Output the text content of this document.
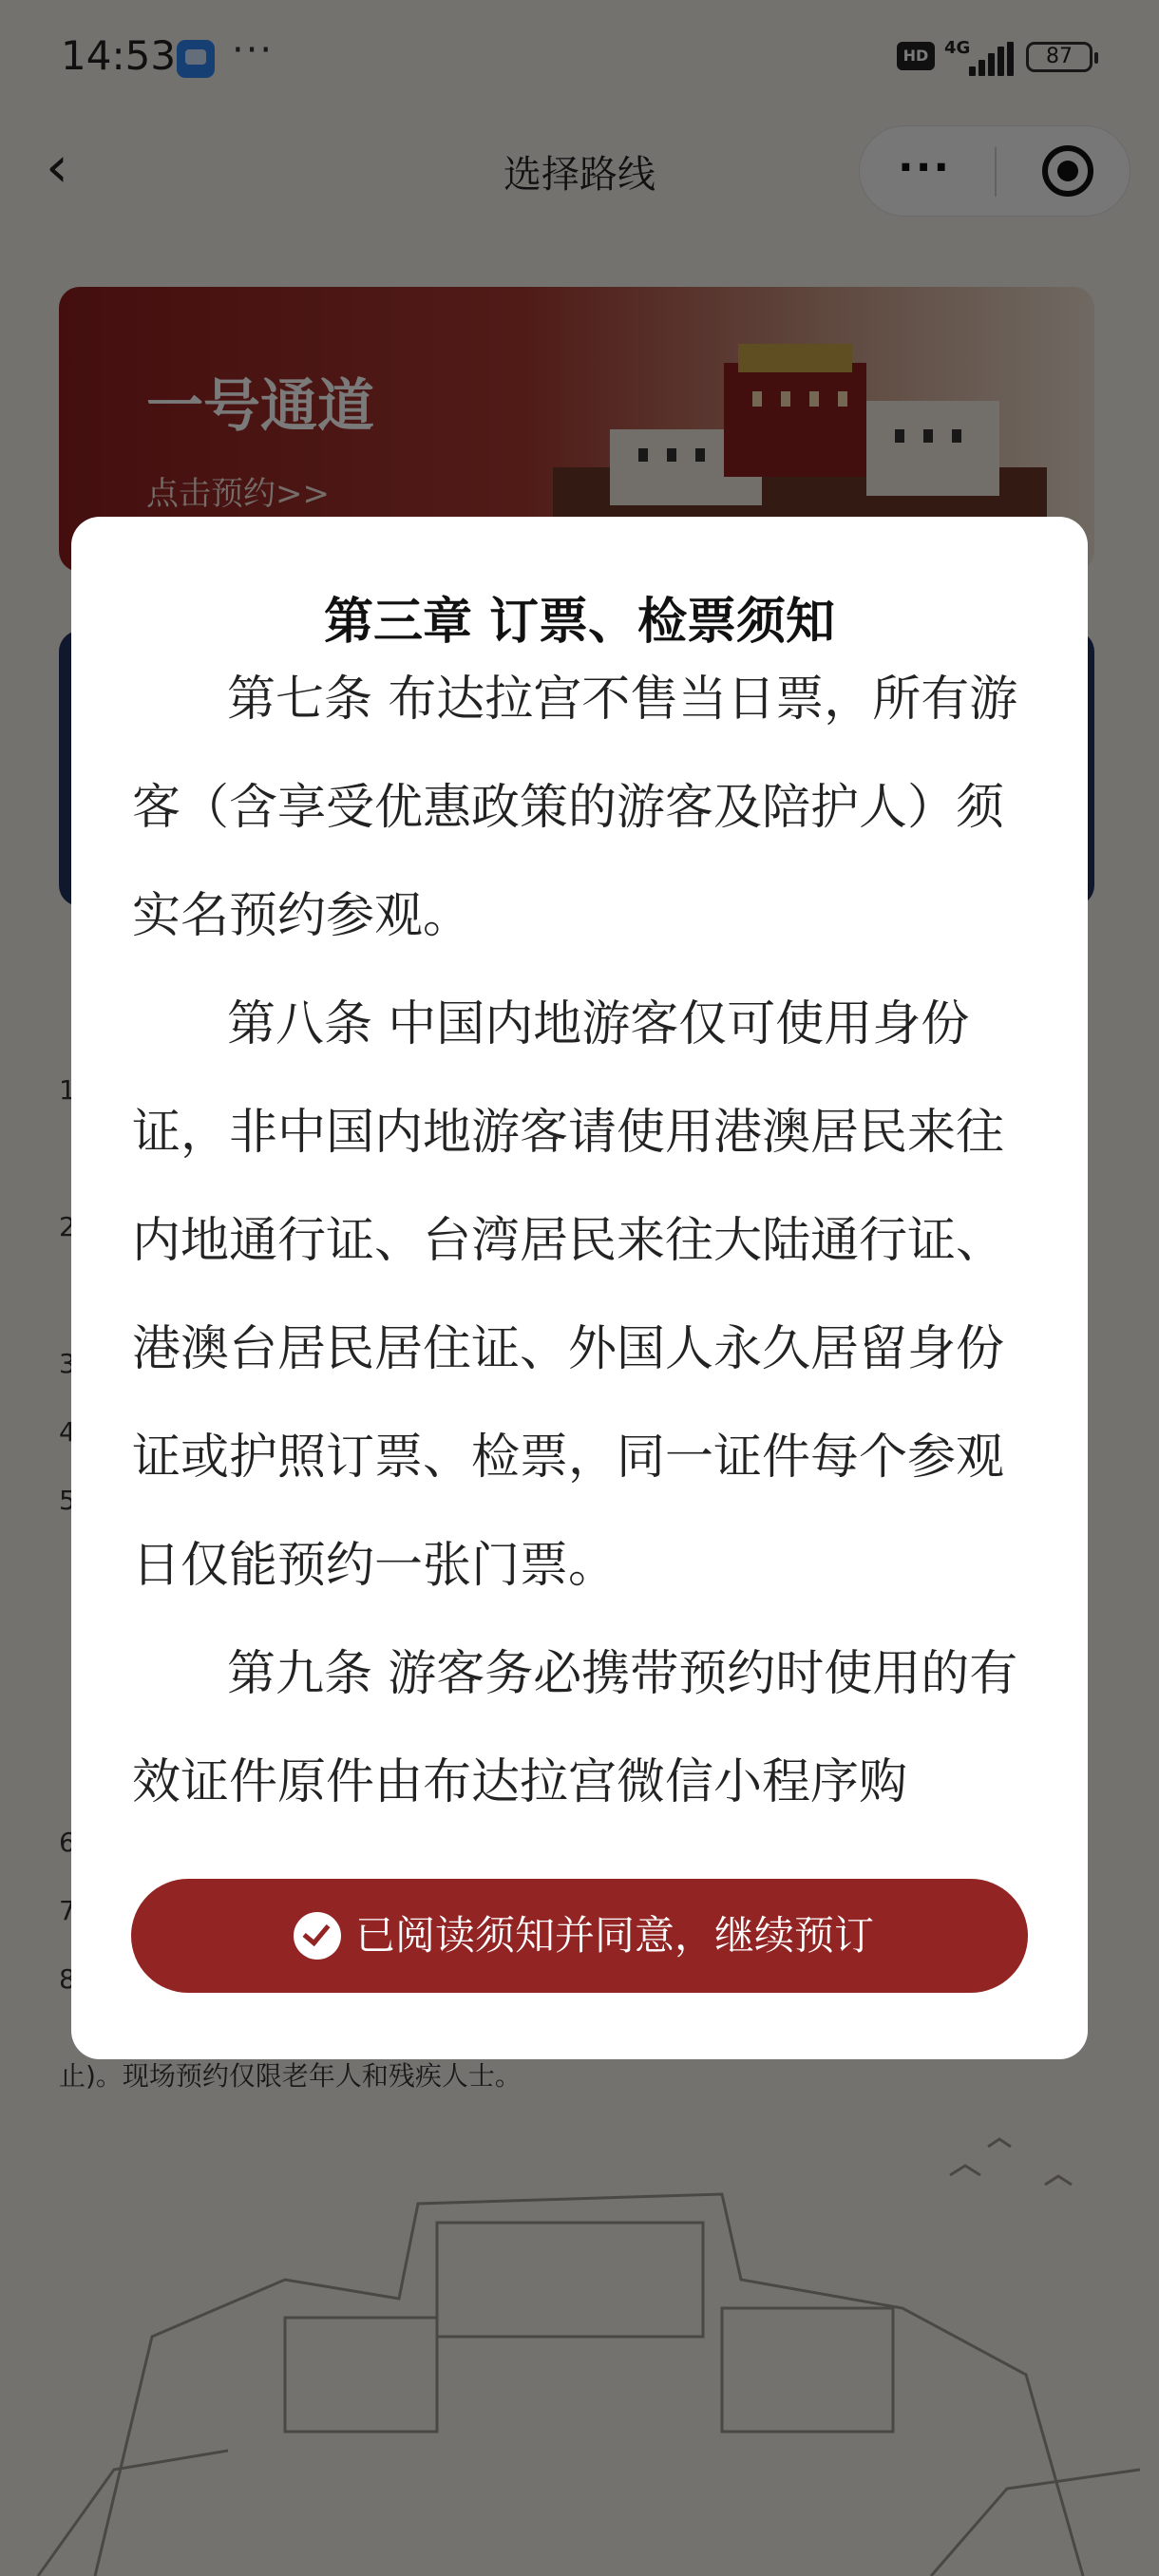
第三章 订票、检票须知

第七条 布达拉宫不售当日票，所有游客（含享受优惠政策的游客及陪护人）须实名预约参观。

第八条 中国内地游客仅可使用身份证，非中国内地游客请使用港澳居民来往内地通行证、台湾居民来往大陆通行证、港澳台居民居住证、外国人永久居留身份证或护照订票、检票，同一证件每个参观日仅能预约一张门票。

第九条 游客务必携带预约时使用的有效证件原件由布达拉宫微信小程序购

已阅读须知并同意，继续预订
